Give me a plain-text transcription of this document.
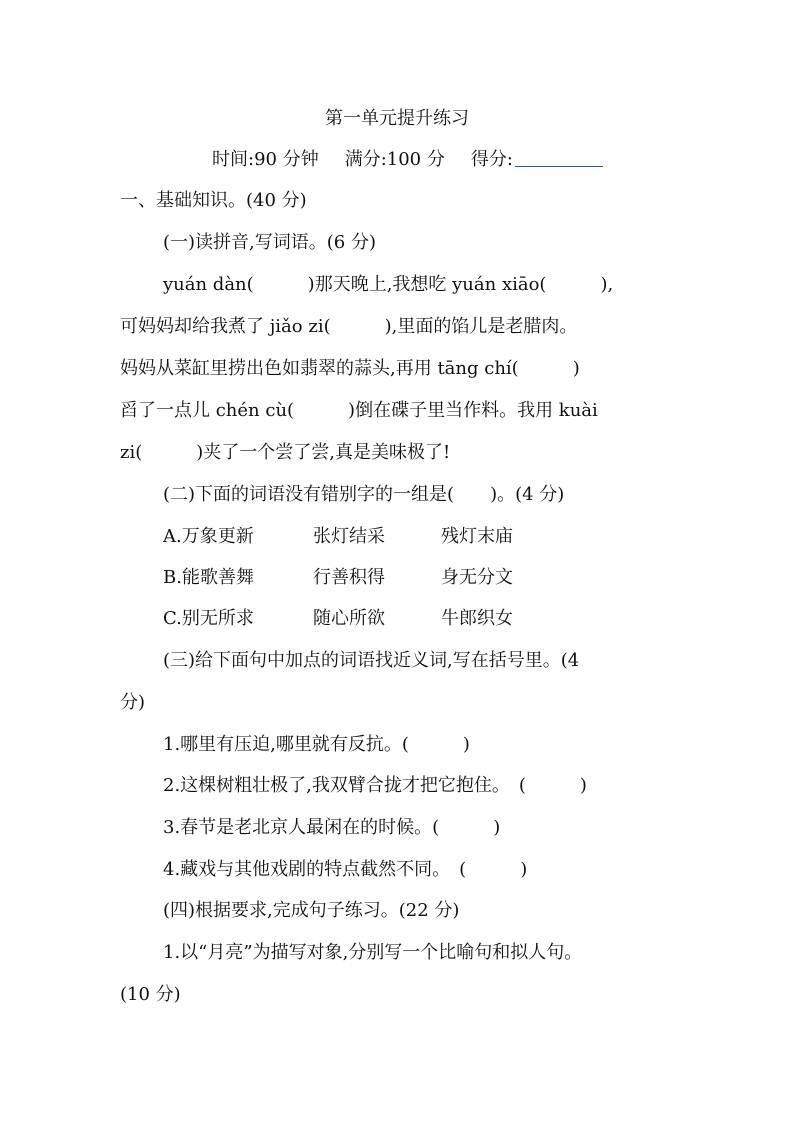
第一单元提升练习
时间:90 分钟 满分:100 分 得分:
一、基础知识。(40 分)
(一)读拼音,写词语。(6 分)
yuán dàn(　　　)那天晚上,我想吃 yuán xiāo(　　　),
可妈妈却给我煮了 jiǎo zi(　　　),里面的馅儿是老腊肉。
妈妈从菜缸里捞出色如翡翠的蒜头,再用 tāng chí(　　　)
舀了一点儿 chén cù(　　　)倒在碟子里当作料。我用 kuài
zi(　　　)夹了一个尝了尝,真是美味极了!
(二)下面的词语没有错别字的一组是(　　)。(4 分)
A.万象更新	张灯结采	残灯末庙
B.能歌善舞	行善积得	身无分文
C.别无所求	随心所欲	牛郎织女
(三)给下面句中加点的词语找近义词,写在括号里。(4
分)
1.哪里有压迫,哪里就有反抗。(　　　)
2.这棵树粗壮极了,我双臂合拢才把它抱住。　(　　　)
3.春节是老北京人最闲在的时候。(　　　)
4.藏戏与其他戏剧的特点截然不同。　(　　　)
(四)根据要求,完成句子练习。(22 分)
1.以“月亮”为描写对象,分别写一个比喻句和拟人句。
(10 分)
